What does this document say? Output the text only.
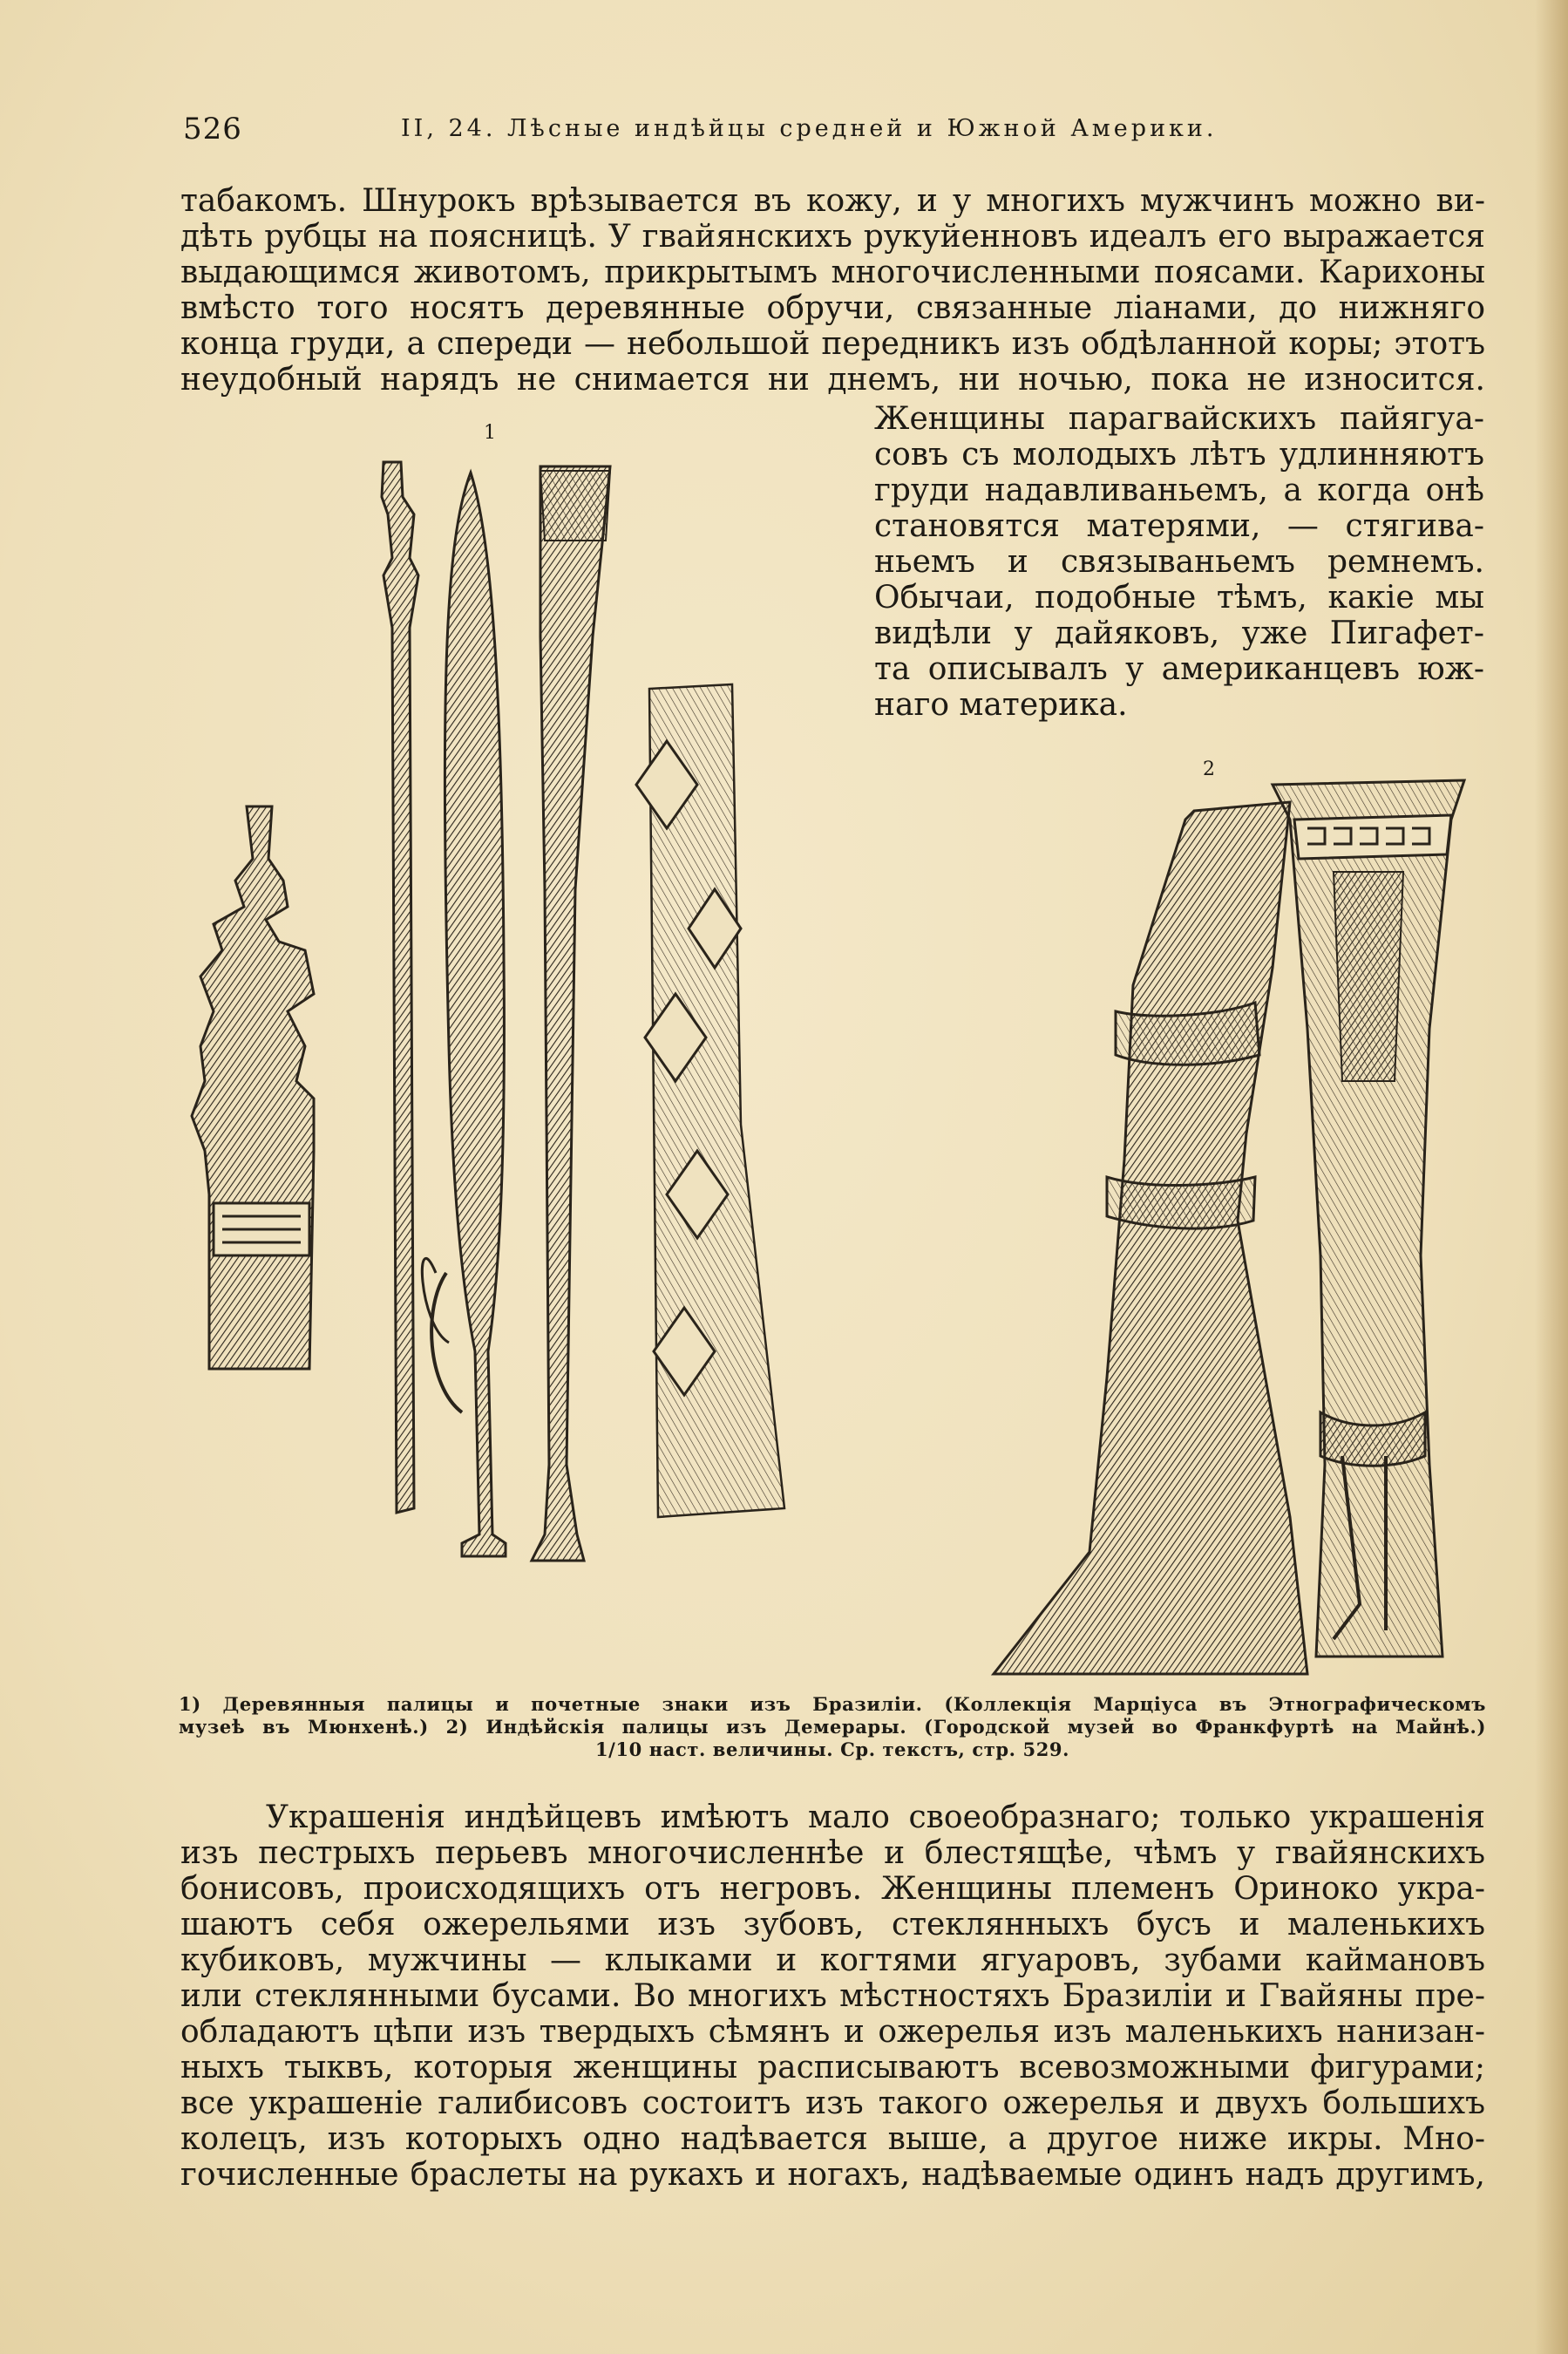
526	II, 24. Лѣсные индѣйцы средней и Южной Америки.
табакомъ. Шнурокъ врѣзывается въ кожу, и у многихъ мужчинъ можно ви-
дѣть рубцы на поясницѣ. У гвайянскихъ рукуйенновъ идеалъ его выражается
выдающимся животомъ, прикрытымъ многочисленными поясами. Карихоны
вмѣсто того носятъ деревянные обручи, связанные ліанами, до нижняго
конца груди, а спереди — небольшой передникъ изъ обдѣланной коры; этотъ
неудобный нарядъ не снимается ни днемъ, ни ночью, пока не износится.
Женщины парагвайскихъ пайягуа-
совъ съ молодыхъ лѣтъ удлинняютъ
груди надавливаньемъ, а когда онѣ
становятся матерями, — стягива-
ньемъ и связываньемъ ремнемъ.
Обычаи, подобные тѣмъ, какіе мы
видѣли у дайяковъ, уже Пигафет-
та описывалъ у американцевъ юж-
наго материка.
1
2
1) Деревянныя палицы и почетные знаки изъ Бразиліи. (Коллекція Марціуса въ Этнографическомъ
музеѣ въ Мюнхенѣ.) 2) Индѣйскія палицы изъ Демерары. (Городской музей во Франкфуртѣ на Майнѣ.)
1/10 наст. величины. Ср. текстъ, стр. 529.
Украшенія индѣйцевъ имѣютъ мало своеобразнаго; только украшенія
изъ пестрыхъ перьевъ многочисленнѣе и блестящѣе, чѣмъ у гвайянскихъ
бонисовъ, происходящихъ отъ негровъ. Женщины племенъ Ориноко укра-
шаютъ себя ожерельями изъ зубовъ, стеклянныхъ бусъ и маленькихъ
кубиковъ, мужчины — клыками и когтями ягуаровъ, зубами каймановъ
или стеклянными бусами. Во многихъ мѣстностяхъ Бразиліи и Гвайяны пре-
обладаютъ цѣпи изъ твердыхъ сѣмянъ и ожерелья изъ маленькихъ нанизан-
ныхъ тыквъ, которыя женщины расписываютъ всевозможными фигурами;
все украшеніе галибисовъ состоитъ изъ такого ожерелья и двухъ большихъ
колецъ, изъ которыхъ одно надѣвается выше, а другое ниже икры. Мно-
гочисленные браслеты на рукахъ и ногахъ, надѣваемые одинъ надъ другимъ,
